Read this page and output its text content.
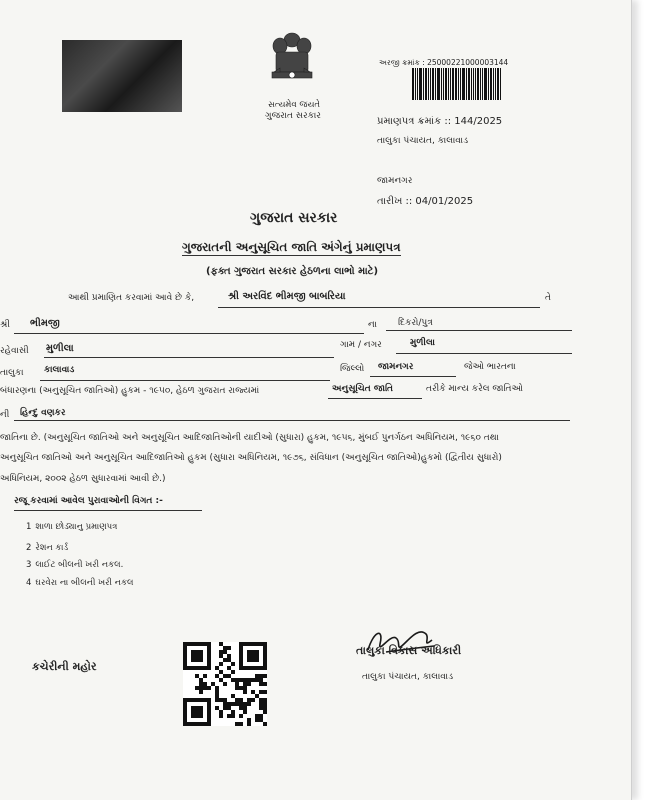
સત્યમેવ જયતે
ગુજરાત સરકાર
અરજી ક્રમાંક : 25000221000003144
પ્રમાણપત્ર ક્રમાંક :: 144/2025
તાલુકા પંચાયત, કાલાવાડ
જામનગર
તારીખ :: 04/01/2025
ગુજરાત સરકાર
ગુજરાતની અનુસૂચિત જાતિ અંગેનું પ્રમાણપત્ર
(ફક્ત ગુજરાત સરકાર હેઠળના લાભો માટે)
આથી પ્રમાણિત કરવામાં આવે છે કે,	શ્રી અરવિંદ ભીમજી બાબરિયા	તે
શ્રી ભીમજી	ના દિકરો/પુત્ર
રહેવાસી મુળીલા	ગામ / નગર	મુળીલા
તાલુકા કાલાવાડ	જિલ્લો જામનગર	જેઓ ભારતના
બંધારણના (અનુસૂચિત જાતિઓ) હુકમ - ૧૯૫૦, હેઠળ ગુજરાત રાજ્યમાં	અનુસૂચિત જાતિ	તરીકે માન્ય કરેલ જાતિઓ
ની હિન્દુ વણકર
જાતિના છે. (અનુસૂચિત જાતિઓ અને અનુસૂચિત આદિજાતિઓની યાદીઓ (સુધારા) હુકમ, ૧૯૫૬, મુંબઈ પુનર્ગઠન અધિનિયમ, ૧૯૬૦ તથા
અનુસૂચિત જાતિઓ અને અનુસૂચિત આદિજાતિઓ હુકમ (સુધારા અધિનિયમ, ૧૯૭૬, સંવિધાન (અનુસૂચિત જાતિઓ)હુકમો (દ્વિતીય સુધારો)
અધિનિયમ, ૨૦૦૨ હેઠળ સુધારવામાં આવી છે.)
રજૂ કરવામાં આવેલ પુરાવાઓની વિગત :-
1 શાળા છોડ્યાનુ પ્રમાણપત્ર
2 રેશન કાર્ડ
3 લાઈટ બીલની ખરી નકલ.
4 ઘરવેરા ના બીલની ખરી નકલ
કચેરીની મહોર
તાલુકા વિકાસ અધિકારી
તાલુકા પંચાયત, કાલાવાડ
